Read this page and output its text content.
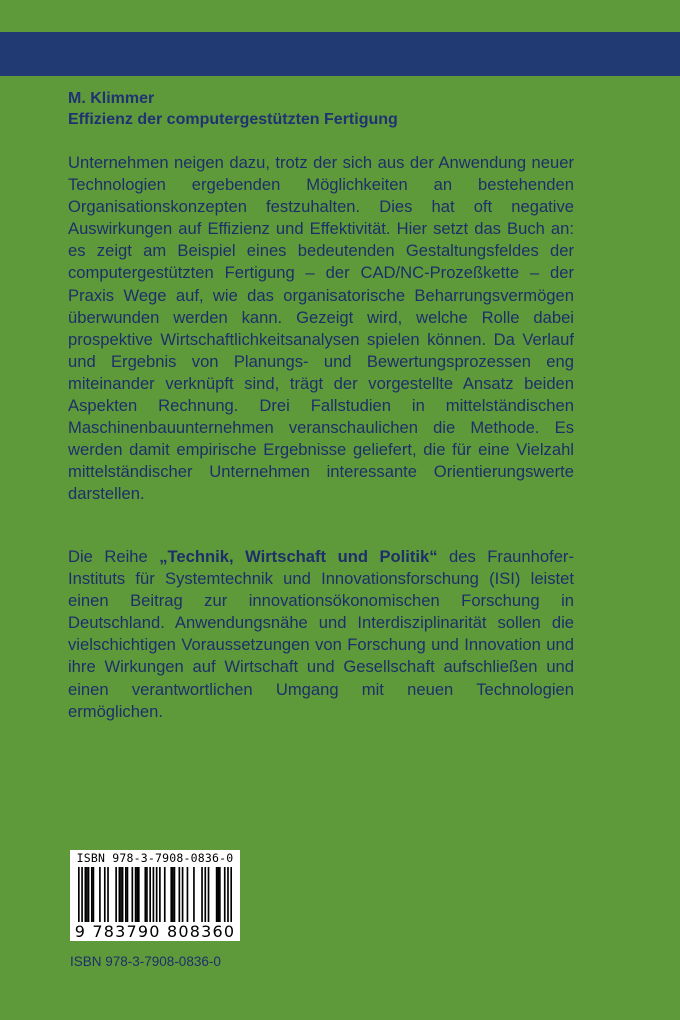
M. Klimmer
Effizienz der computergestützten Fertigung
Unternehmen neigen dazu, trotz der sich aus der Anwendung neuer Technologien ergebenden Möglichkeiten an bestehenden Organisationskonzepten festzuhalten. Dies hat oft negative Auswirkungen auf Effizienz und Effektivität. Hier setzt das Buch an: es zeigt am Beispiel eines bedeutenden Gestaltungsfeldes der computergestützten Fertigung – der CAD/NC-Prozeßkette – der Praxis Wege auf, wie das organisatorische Beharrungsvermögen überwunden werden kann. Gezeigt wird, welche Rolle dabei prospektive Wirtschaftlichkeitsanalysen spielen können. Da Verlauf und Ergebnis von Planungs- und Bewertungsprozessen eng miteinander verknüpft sind, trägt der vorgestellte Ansatz beiden Aspekten Rechnung. Drei Fallstudien in mittelständischen Maschinenbauunternehmen veranschaulichen die Methode. Es werden damit empirische Ergebnisse geliefert, die für eine Vielzahl mittelständischer Unternehmen interessante Orientierungswerte darstellen.
Die Reihe „Technik, Wirtschaft und Politik“ des Fraunhofer-Instituts für Systemtechnik und Innovationsforschung (ISI) leistet einen Beitrag zur innovationsökonomischen Forschung in Deutschland. Anwendungsnähe und Interdisziplinarität sollen die vielschichtigen Voraussetzungen von Forschung und Innovation und ihre Wirkungen auf Wirtschaft und Gesellschaft aufschließen und einen verantwortlichen Umgang mit neuen Technologien ermöglichen.
ISBN 978-3-7908-0836-0
9 783790 808360
ISBN 978-3-7908-0836-0
